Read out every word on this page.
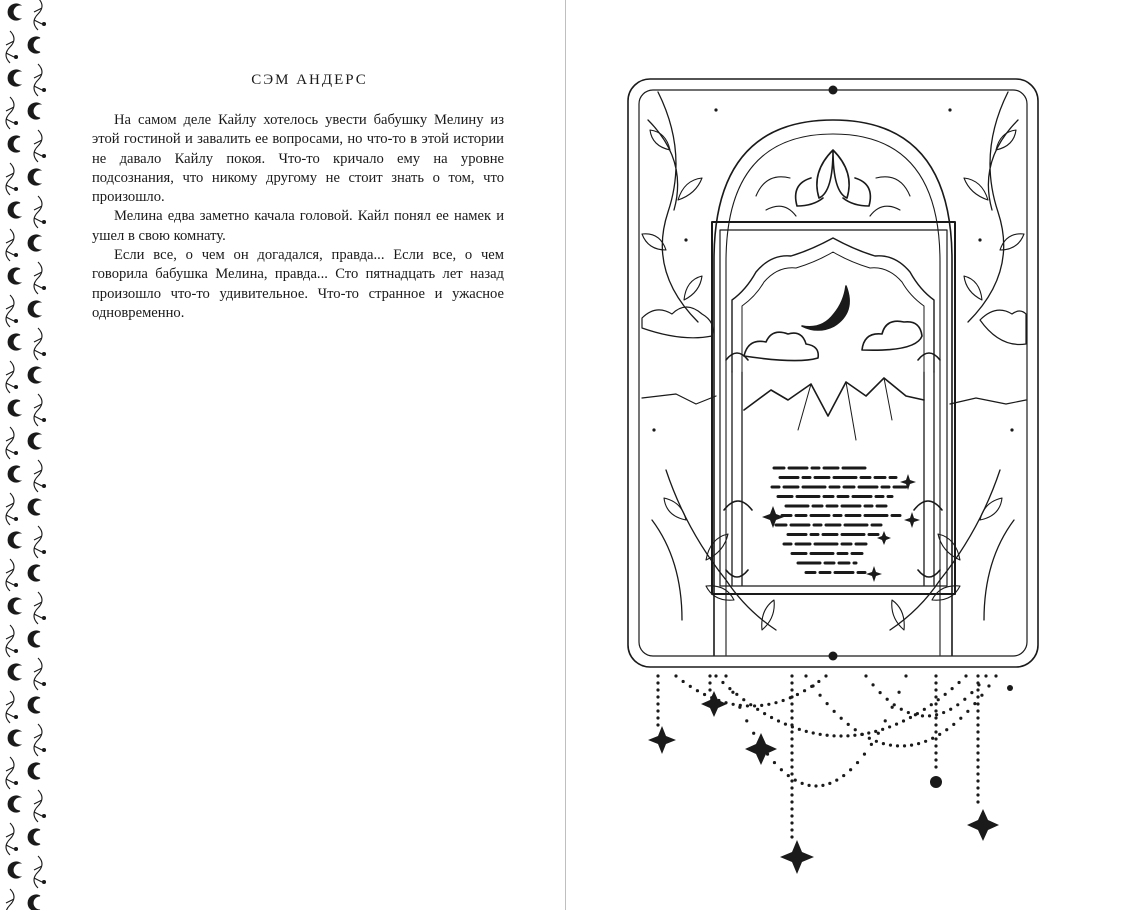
СЭМ АНДЕРС

На самом деле Кайлу хотелось увести бабушку Мелину из этой гостиной и завалить ее вопросами, но что-то в этой истории не давало Кайлу покоя. Что-то кричало ему на уровне подсознания, что никому другому не стоит знать о том, что произошло.

Мелина едва заметно качала головой. Кайл понял ее намек и ушел в свою комнату.

Если все, о чем он догадался, правда... Если все, о чем говорила бабушка Мелина, правда... Сто пятнадцать лет назад произошло что-то удивительное. Что-то странное и ужасное одновременно.
